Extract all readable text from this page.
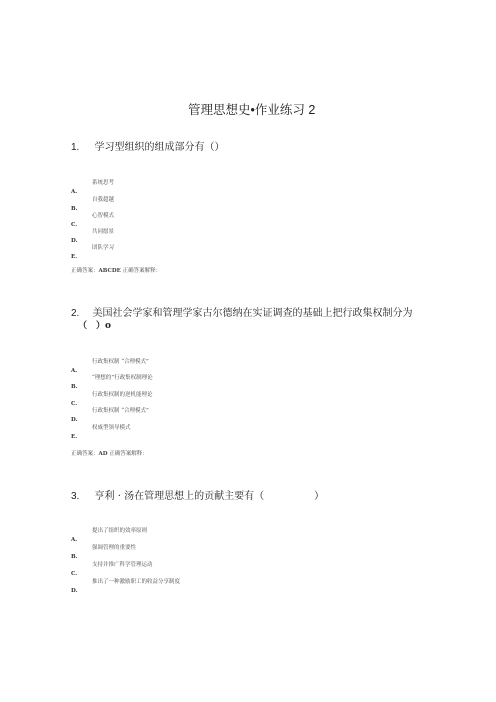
管理思想史•作业练习 2
1. 学习型组织的组成部分有（）
A.
系统思考
B.
自我超越
C.
心智模式
D.
共同愿景
E.
团队学习
正确答案：ABCDE 正确答案解释：
2. 美国社会学家和管理学家古尔德纳在实证调查的基础上把行政集权制分为
（　）o
A.
行政集权制 “合理模式”
B.
“理想的”行政集权制理论
C.
行政集权制的逆机能理论
D.
行政集权制 “合理模式”
E.
权威型领导模式
正确答案：AD 正确答案解释：
3. 亨利 · 汤在管理思想上的贡献主要有（　　　　　）
A.
提出了组织的效率原则
B.
强调管理的重要性
C.
支持并推广科学管理运动
D.
推出了一种激励职工的收益分享制度
